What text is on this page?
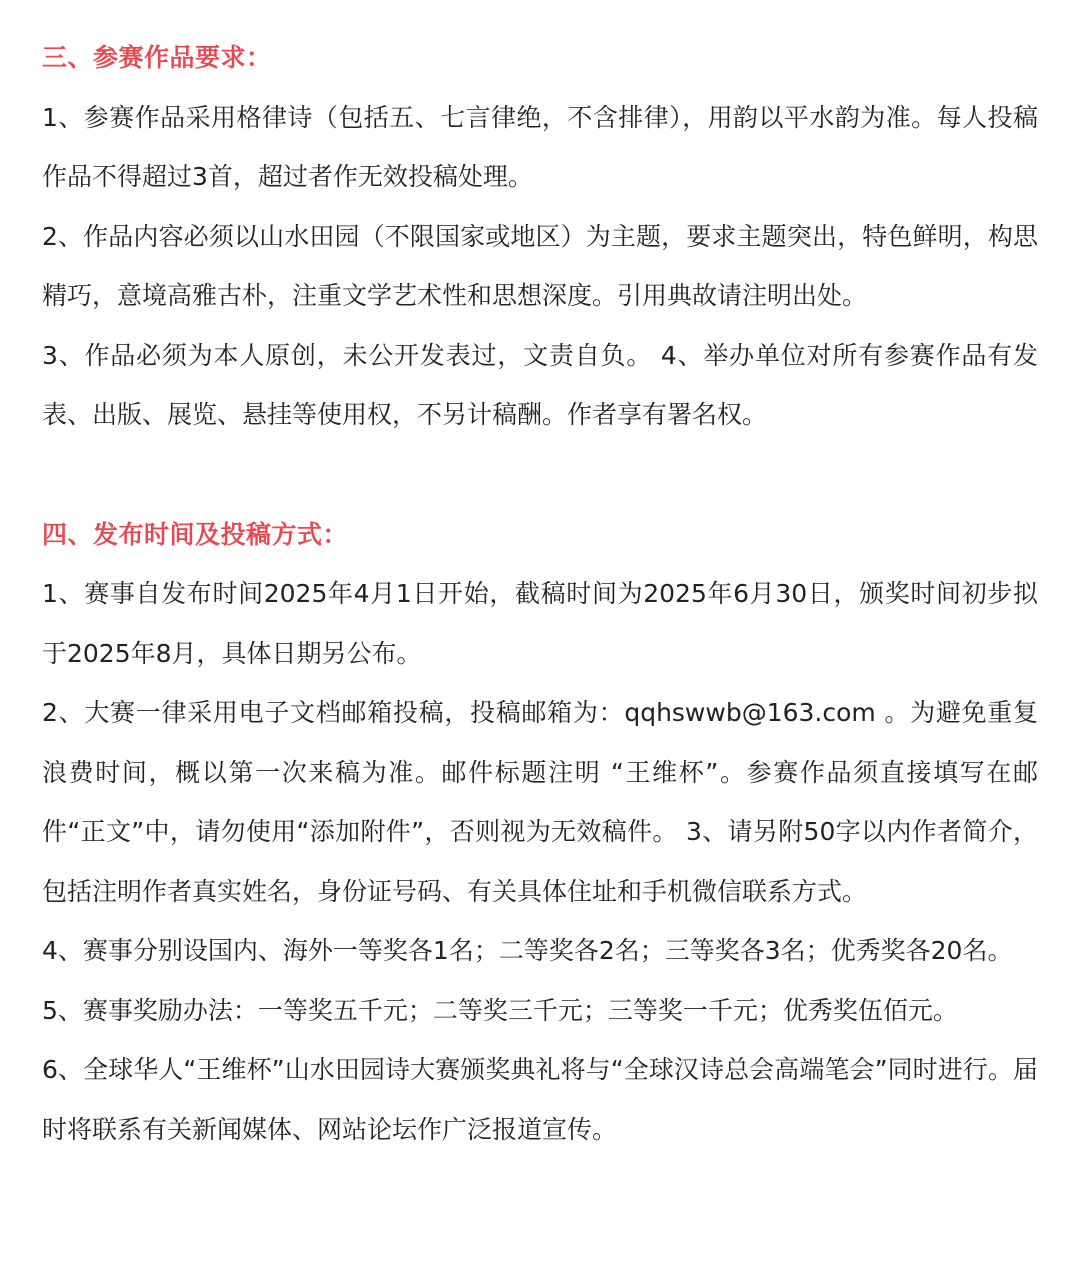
三、参赛作品要求：

1、参赛作品采用格律诗（包括五、七言律绝，不含排律），用韵以平水韵为准。每人投稿作品不得超过3首，超过者作无效投稿处理。

2、作品内容必须以山水田园（不限国家或地区）为主题，要求主题突出，特色鲜明，构思精巧，意境高雅古朴，注重文学艺术性和思想深度。引用典故请注明出处。

3、作品必须为本人原创，未公开发表过，文责自负。 4、举办单位对所有参赛作品有发表、出版、展览、悬挂等使用权，不另计稿酬。作者享有署名权。

四、发布时间及投稿方式：

1、赛事自发布时间2025年4月1日开始，截稿时间为2025年6月30日，颁奖时间初步拟于2025年8月，具体日期另公布。

2、大赛一律采用电子文档邮箱投稿，投稿邮箱为：qqhswwb@163.com 。为避免重复浪费时间，概以第一次来稿为准。邮件标题注明 “王维杯”。参赛作品须直接填写在邮件“正文”中，请勿使用“添加附件”，否则视为无效稿件。 3、请另附50字以内作者简介，包括注明作者真实姓名，身份证号码、有关具体住址和手机微信联系方式。

4、赛事分别设国内、海外一等奖各1名；二等奖各2名；三等奖各3名；优秀奖各20名。

5、赛事奖励办法：一等奖五千元；二等奖三千元；三等奖一千元；优秀奖伍佰元。

6、全球华人“王维杯”山水田园诗大赛颁奖典礼将与“全球汉诗总会高端笔会”同时进行。届时将联系有关新闻媒体、网站论坛作广泛报道宣传。
